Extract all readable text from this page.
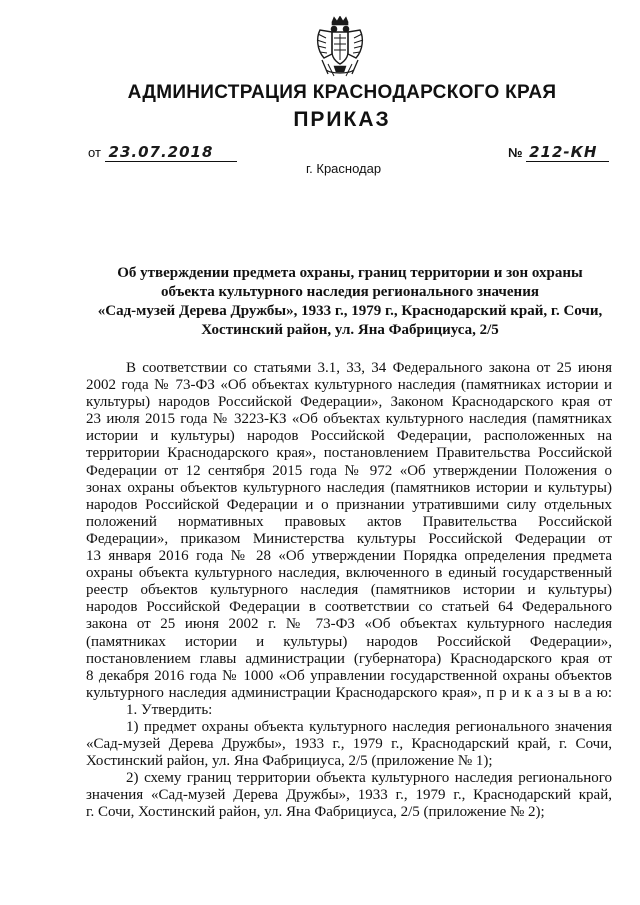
АДМИНИСТРАЦИЯ КРАСНОДАРСКОГО КРАЯ
ПРИКАЗ
от 23.07.2018	№ 212-КН
г. Краснодар
Об утверждении предмета охраны, границ территории и зон охраны
объекта культурного наследия регионального значения
«Сад-музей Дерева Дружбы», 1933 г., 1979 г., Краснодарский край, г. Сочи,
Хостинский район, ул. Яна Фабрициуса, 2/5
В соответствии со статьями 3.1, 33, 34 Федерального закона от 25 июня
2002 года № 73-ФЗ «Об объектах культурного наследия (памятниках истории и
культуры) народов Российской Федерации», Законом Краснодарского края от
23 июля 2015 года № 3223-КЗ «Об объектах культурного наследия (памятниках
истории и культуры) народов Российской Федерации, расположенных на
территории Краснодарского края», постановлением Правительства Российской
Федерации от 12 сентября 2015 года № 972 «Об утверждении Положения о
зонах охраны объектов культурного наследия (памятников истории и культуры)
народов Российской Федерации и о признании утратившими силу отдельных
положений нормативных правовых актов Правительства Российской
Федерации», приказом Министерства культуры Российской Федерации от
13 января 2016 года № 28 «Об утверждении Порядка определения предмета
охраны объекта культурного наследия, включенного в единый государственный
реестр объектов культурного наследия (памятников истории и культуры)
народов Российской Федерации в соответствии со статьей 64 Федерального
закона от 25 июня 2002 г. № 73-ФЗ «Об объектах культурного наследия
(памятниках истории и культуры) народов Российской Федерации»,
постановлением главы администрации (губернатора) Краснодарского края от
8 декабря 2016 года № 1000 «Об управлении государственной охраны объектов
культурного наследия администрации Краснодарского края», п р и к а з ы в а ю:
1. Утвердить:
1) предмет охраны объекта культурного наследия регионального значения
«Сад-музей Дерева Дружбы», 1933 г., 1979 г., Краснодарский край, г. Сочи,
Хостинский район, ул. Яна Фабрициуса, 2/5 (приложение № 1);
2) схему границ территории объекта культурного наследия регионального
значения «Сад-музей Дерева Дружбы», 1933 г., 1979 г., Краснодарский край,
г. Сочи, Хостинский район, ул. Яна Фабрициуса, 2/5 (приложение № 2);
